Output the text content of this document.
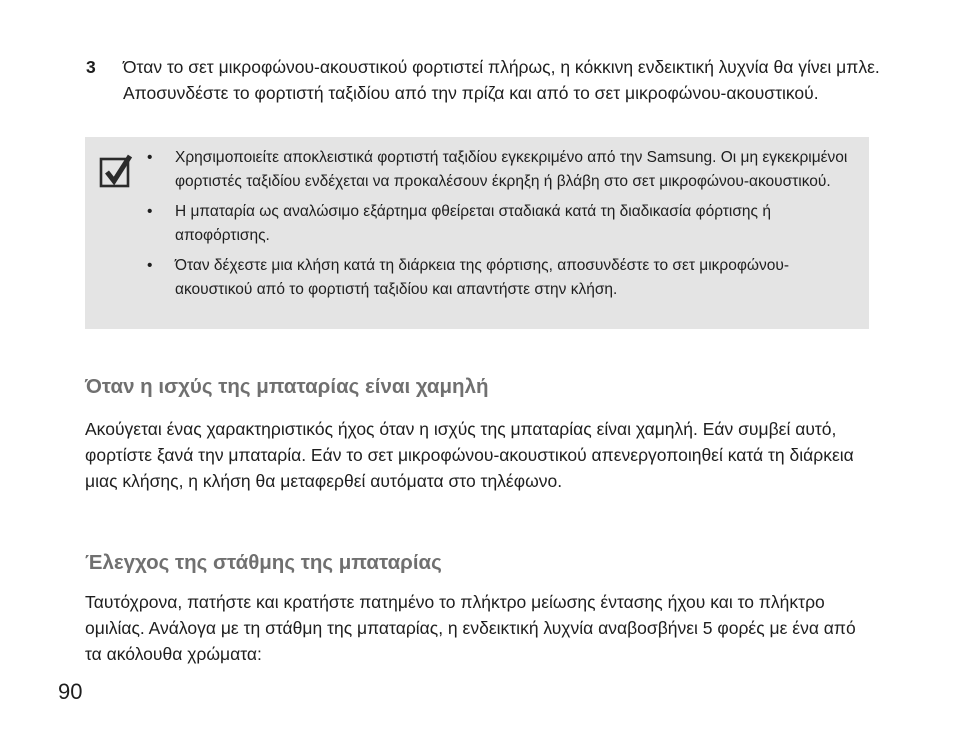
3 Όταν το σετ μικροφώνου-ακουστικού φορτιστεί πλήρως, η κόκκινη ενδεικτική λυχνία θα γίνει μπλε. Αποσυνδέστε το φορτιστή ταξιδίου από την πρίζα και από το σετ μικροφώνου-ακουστικού.
• Χρησιμοποιείτε αποκλειστικά φορτιστή ταξιδίου εγκεκριμένο από την Samsung. Οι μη εγκεκριμένοι φορτιστές ταξιδίου ενδέχεται να προκαλέσουν έκρηξη ή βλάβη στο σετ μικροφώνου-ακουστικού.
• Η μπαταρία ως αναλώσιμο εξάρτημα φθείρεται σταδιακά κατά τη διαδικασία φόρτισης ή αποφόρτισης.
• Όταν δέχεστε μια κλήση κατά τη διάρκεια της φόρτισης, αποσυνδέστε το σετ μικροφώνου-ακουστικού από το φορτιστή ταξιδίου και απαντήστε στην κλήση.
Όταν η ισχύς της μπαταρίας είναι χαμηλή
Ακούγεται ένας χαρακτηριστικός ήχος όταν η ισχύς της μπαταρίας είναι χαμηλή. Εάν συμβεί αυτό, φορτίστε ξανά την μπαταρία. Εάν το σετ μικροφώνου-ακουστικού απενεργοποιηθεί κατά τη διάρκεια μιας κλήσης, η κλήση θα μεταφερθεί αυτόματα στο τηλέφωνο.
Έλεγχος της στάθμης της μπαταρίας
Ταυτόχρονα, πατήστε και κρατήστε πατημένο το πλήκτρο μείωσης έντασης ήχου και το πλήκτρο ομιλίας. Ανάλογα με τη στάθμη της μπαταρίας, η ενδεικτική λυχνία αναβοσβήνει 5 φορές με ένα από τα ακόλουθα χρώματα:
90
